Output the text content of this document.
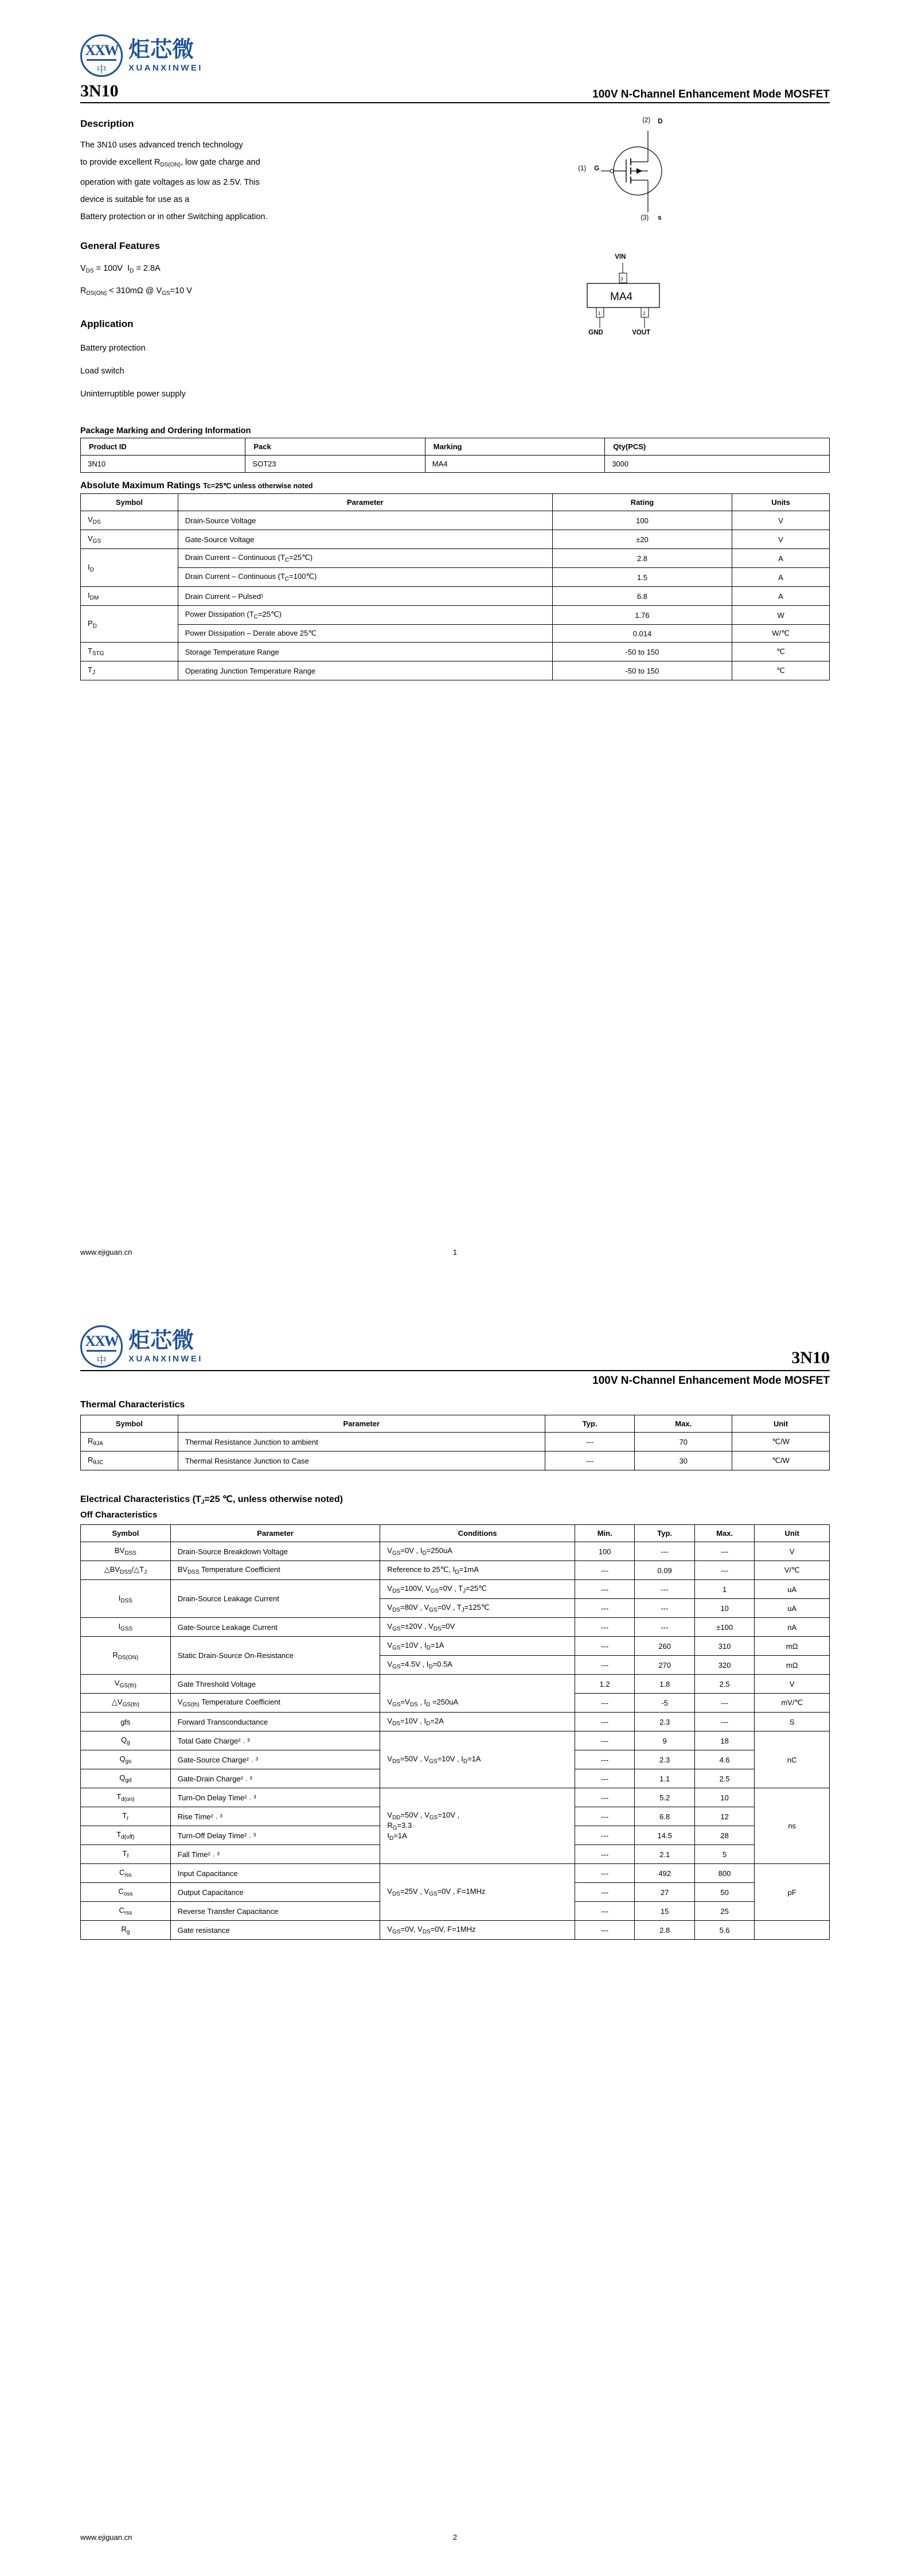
XXW
中
炬芯微
XUANXINWEI
3N10	100V N-Channel Enhancement Mode MOSFET
Description

The 3N10 uses advanced trench technology

to provide excellent $R_{DS(ON)}$, low gate charge and

operation with gate voltages as low as 2.5V. This

device is suitable for use as a

Battery protection or in other Switching application.

General Features

$V_{DS} = 100V$  $I_D = 2.8A$

$R_{DS(ON)} < 310m\Omega$ @ $V_{GS}=10$ V

Application

Battery protection

Load switch

Uninterruptible power supply

(2) D
(1) G
(3) s
MA4
3
1	2
VIN
GND	VOUT
Package Marking and Ordering Information
Product ID	Pack	Marking	Qty(PCS)
3N10	SOT23	MA4	3000
Absolute Maximum Ratings Tc=25℃ unless otherwise noted
Symbol	Parameter	Rating	Units
$V_{DS}$	Drain-Source Voltage	100	V
$V_{GS}$	Gate-Source Voltage	±20	V
$I_D$	Drain Current – Continuous $(T_C=25℃)$	2.8	A
	Drain Current – Continuous $(T_C=100℃)$	1.5	A
$I_{DM}$	Drain Current – Pulsed¹	6.8	A
$P_D$	Power Dissipation $(T_C=25℃)$	1.76	W
	Power Dissipation – Derate above 25℃	0.014	W/℃
$T_{STG}$	Storage Temperature Range	-50 to 150	℃
$T_J$	Operating Junction Temperature Range	-50 to 150	℃
www.ejiguan.cn	1
XXW
中
炬芯微
XUANXINWEI	3N10
100V N-Channel Enhancement Mode MOSFET
Thermal Characteristics
Symbol	Parameter	Typ.	Max.	Unit
$R_{\theta JA}$	Thermal Resistance Junction to ambient	---	70	℃/W
$R_{\theta JC}$	Thermal Resistance Junction to Case	---	30	℃/W
Electrical Characteristics ($T_J=25$ ℃, unless otherwise noted)
Off Characteristics
Symbol	Parameter	Conditions	Min.	Typ.	Max.	Unit
$BV_{DSS}$	Drain-Source Breakdown Voltage	$V_{GS}=0V$ , $I_D=250uA$	100	---	---	V
$\triangle BV_{DSS}/\triangle T_J$	$BV_{DSS}$ Temperature Coefficient	Reference to 25℃, $I_D=1mA$	---	0.09	---	V/℃
$I_{DSS}$	Drain-Source Leakage Current	$V_{DS}=100V$, $V_{GS}=0V$ , $T_J=25℃$	---	---	1	uA
		$V_{DS}=80V$ , $V_{GS}=0V$ , $T_J=125℃$	---	---	10	uA
$I_{GSS}$	Gate-Source Leakage Current	$V_{GS}=\pm 20V$ , $V_{DS}=0V$	---	---	±100	nA
$R_{DS(ON)}$	Static Drain-Source On-Resistance	$V_{GS}=10V$ , $I_D=1A$	---	260	310	mΩ
		$V_{GS}=4.5V$ , $I_D=0.5A$	---	270	320	mΩ
$V_{GS(th)}$	Gate Threshold Voltage	$V_{GS}=V_{DS}$ , $I_D =250uA$	1.2	1.8	2.5	V
$\triangle V_{GS(th)}$	$V_{GS(th)}$ Temperature Coefficient		---	-5	---	mV/℃
gfs	Forward Transconductance	$V_{DS}=10V$ , $I_D=2A$	---	2.3	---	S
$Q_g$	Total Gate Charge² ˒ ³	$V_{DS}=50V$ , $V_{GS}=10V$ , $I_D=1A$	---	9	18	nC
$Q_{gs}$	Gate-Source Charge² ˒ ³		---	2.3	4.6	
$Q_{gd}$	Gate-Drain Charge² ˒ ³		---	1.1	2.5	
$T_{d(on)}$	Turn-On Delay Time² ˒ ³	$V_{DD}=50V$ , $V_{GS}=10V$ ,
$R_G=3.3$
$I_D=1A$	---	5.2	10	ns
$T_r$	Rise Time² ˒ ³		---	6.8	12	
$T_{d(off)}$	Turn-Off Delay Time² ˒ ³		---	14.5	28	
$T_f$	Fall Time² ˒ ³		---	2.1	5	
$C_{iss}$	Input Capacitance	$V_{DS}=25V$ , $V_{GS}=0V$ , F=1MHz	---	492	800	pF
$C_{oss}$	Output Capacitance		---	27	50	
$C_{rss}$	Reverse Transfer Capacitance		---	15	25	
$R_g$	Gate resistance	$V_{GS}=0V$, $V_{DS}=0V$, F=1MHz	---	2.8	5.6	
www.ejiguan.cn	2
